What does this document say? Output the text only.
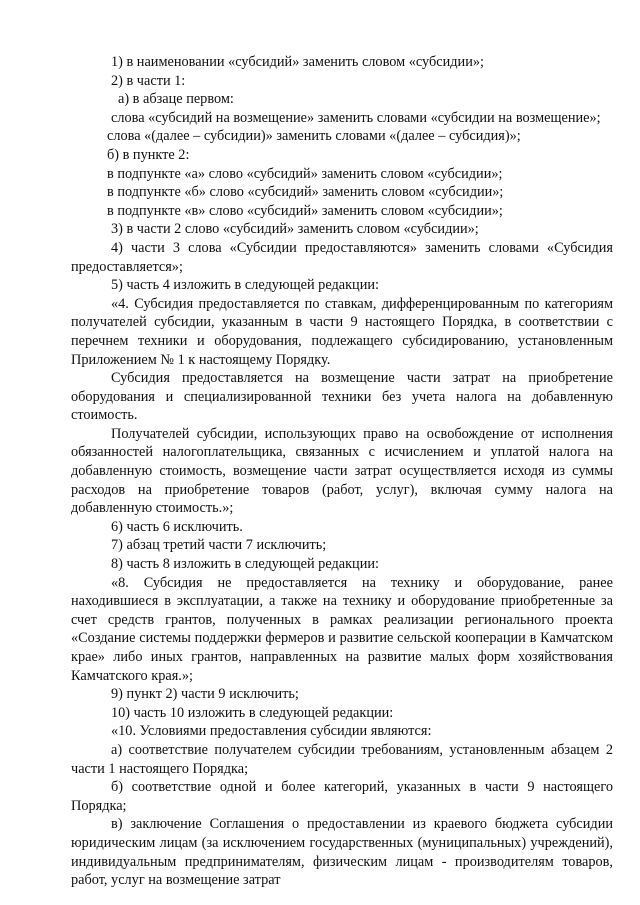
1) в наименовании «субсидий» заменить словом «субсидии»;

2) в части 1:

а) в абзаце первом:

слова «субсидий на возмещение» заменить словами «субсидии на возмещение»;

слова «(далее – субсидии)» заменить словами «(далее – субсидия)»;

б) в пункте 2:

в подпункте «а» слово «субсидий» заменить словом «субсидии»;

в подпункте «б» слово «субсидий» заменить словом «субсидии»;

в подпункте «в» слово «субсидий» заменить словом «субсидии»;

3) в части 2 слово «субсидий» заменить словом «субсидии»;

4) части 3 слова «Субсидии предоставляются» заменить словами «Субсидия предоставляется»;

5) часть 4 изложить в следующей редакции:

«4. Субсидия предоставляется по ставкам, дифференцированным по категориям получателей субсидии, указанным в части 9 настоящего Порядка, в соответствии с перечнем техники и оборудования, подлежащего субсидированию, установленным Приложением № 1 к настоящему Порядку.

Субсидия предоставляется на возмещение части затрат на приобретение оборудования и специализированной техники без учета налога на добавленную стоимость.

Получателей субсидии, использующих право на освобождение от исполнения обязанностей налогоплательщика, связанных с исчислением и уплатой налога на добавленную стоимость, возмещение части затрат осуществляется исходя из суммы расходов на приобретение товаров (работ, услуг), включая сумму налога на добавленную стоимость.»;

6) часть 6 исключить.

7) абзац третий части 7 исключить;

8) часть 8 изложить в следующей редакции:

«8. Субсидия не предоставляется на технику и оборудование, ранее находившиеся в эксплуатации, а также на технику и оборудование приобретенные за счет средств грантов, полученных в рамках реализации регионального проекта «Создание системы поддержки фермеров и развитие сельской кооперации в Камчатском крае» либо иных грантов, направленных на развитие малых форм хозяйствования Камчатского края.»;

9) пункт 2) части 9 исключить;

10) часть 10 изложить в следующей редакции:

«10. Условиями предоставления субсидии являются:

а) соответствие получателем субсидии требованиям, установленным абзацем 2 части 1 настоящего Порядка;

б) соответствие одной и более категорий, указанных в части 9 настоящего Порядка;

в) заключение Соглашения о предоставлении из краевого бюджета субсидии юридическим лицам (за исключением государственных (муниципальных) учреждений), индивидуальным предпринимателям, физическим лицам - производителям товаров, работ, услуг на возмещение затрат
